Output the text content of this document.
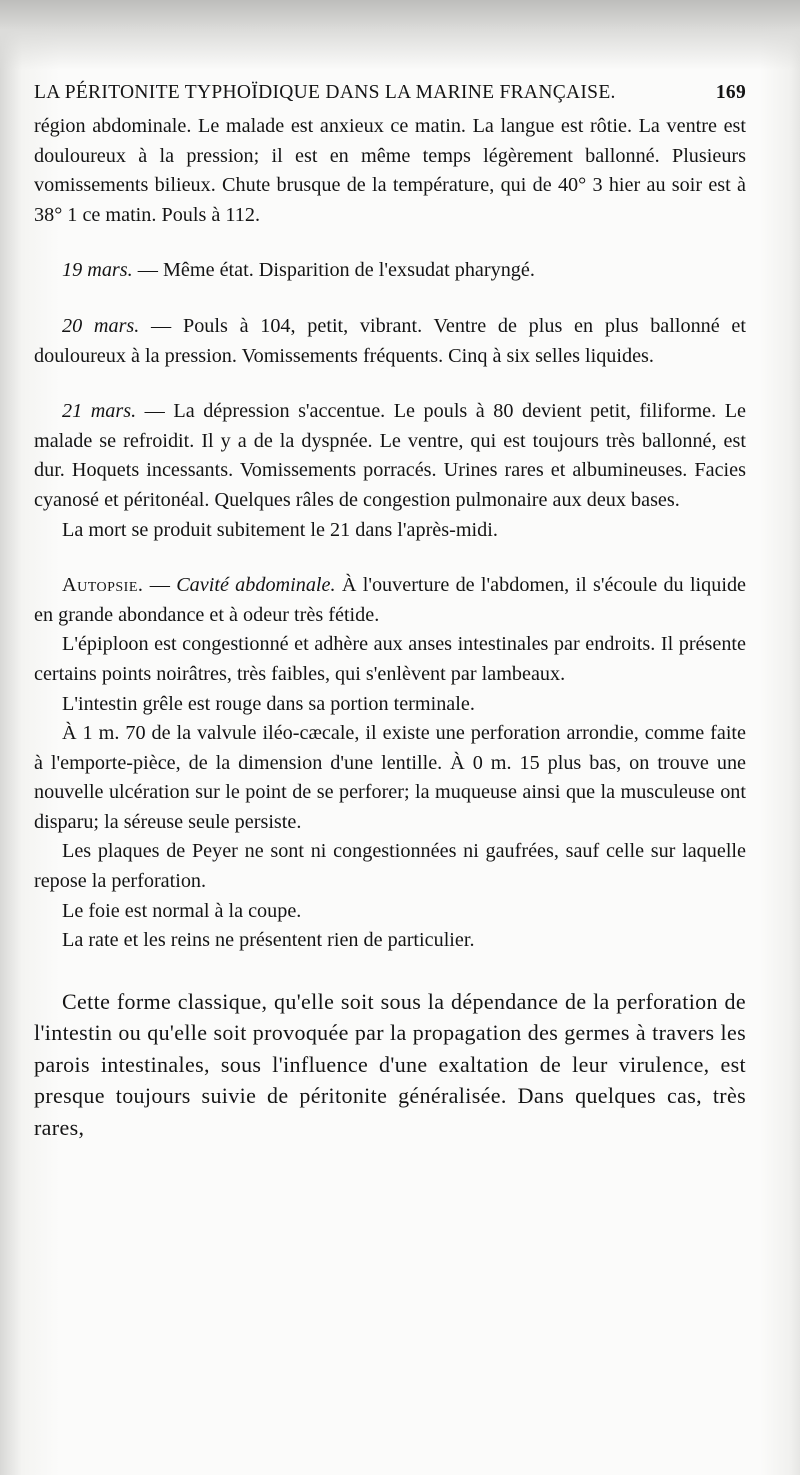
LA PÉRITONITE TYPHOÏDIQUE DANS LA MARINE FRANÇAISE.	169

région abdominale. Le malade est anxieux ce matin. La langue est rôtie. La ventre est douloureux à la pression; il est en même temps légèrement ballonné. Plusieurs vomissements bilieux. Chute brusque de la température, qui de 40° 3 hier au soir est à 38° 1 ce matin. Pouls à 112.

19 mars. — Même état. Disparition de l'exsudat pharyngé.

20 mars. — Pouls à 104, petit, vibrant. Ventre de plus en plus ballonné et douloureux à la pression. Vomissements fréquents. Cinq à six selles liquides.

21 mars. — La dépression s'accentue. Le pouls à 80 devient petit, filiforme. Le malade se refroidit. Il y a de la dyspnée. Le ventre, qui est toujours très ballonné, est dur. Hoquets incessants. Vomissements porracés. Urines rares et albumineuses. Facies cyanosé et péritonéal. Quelques râles de congestion pulmonaire aux deux bases.

La mort se produit subitement le 21 dans l'après-midi.

Autopsie. — Cavité abdominale. À l'ouverture de l'abdomen, il s'écoule du liquide en grande abondance et à odeur très fétide.

L'épiploon est congestionné et adhère aux anses intestinales par endroits. Il présente certains points noirâtres, très faibles, qui s'enlèvent par lambeaux.

L'intestin grêle est rouge dans sa portion terminale.

À 1 m. 70 de la valvule iléo-cæcale, il existe une perforation arrondie, comme faite à l'emporte-pièce, de la dimension d'une lentille. À 0 m. 15 plus bas, on trouve une nouvelle ulcération sur le point de se perforer; la muqueuse ainsi que la musculeuse ont disparu; la séreuse seule persiste.

Les plaques de Peyer ne sont ni congestionnées ni gaufrées, sauf celle sur laquelle repose la perforation.

Le foie est normal à la coupe.

La rate et les reins ne présentent rien de particulier.

Cette forme classique, qu'elle soit sous la dépendance de la perforation de l'intestin ou qu'elle soit provoquée par la propagation des germes à travers les parois intestinales, sous l'influence d'une exaltation de leur virulence, est presque toujours suivie de péritonite généralisée. Dans quelques cas, très rares,
